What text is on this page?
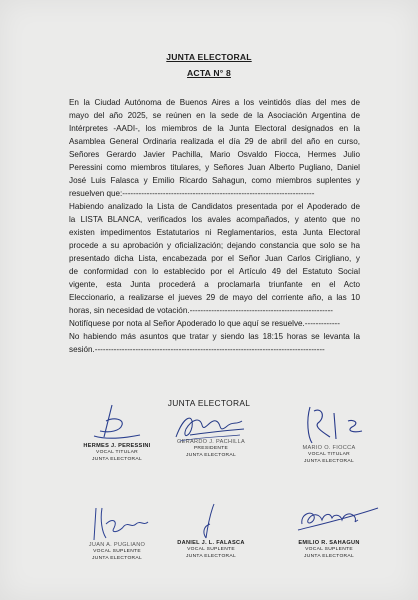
JUNTA ELECTORAL
ACTA N° 8
En la Ciudad Autónoma de Buenos Aires a los veintidós días del mes de
mayo del año 2025, se reúnen en la sede de la Asociación Argentina de
Intérpretes -AADI-, los miembros de la Junta Electoral designados en la
Asamblea General Ordinaria realizada el día 29 de abril del año en curso,
Señores Gerardo Javier Pachilla, Mario Osvaldo Fiocca, Hermes Julio
Peressini como miembros titulares, y Señores Juan Alberto Pugliano, Daniel
José Luis Falasca y Emilio Ricardo Sahagun, como miembros suplentes y
resuelven que:-----------------------------------------------------------------------
Habiendo analizado la Lista de Candidatos presentada por el Apoderado de
la LISTA BLANCA, verificados los avales acompañados, y atento que no
existen impedimentos Estatutarios ni Reglamentarios, esta Junta Electoral
procede a su aprobación y oficialización; dejando constancia que solo se ha
presentado dicha Lista, encabezada por el Señor Juan Carlos Cirigliano, y
de conformidad con lo establecido por el Artículo 49 del Estatuto Social
vigente, esta Junta procederá a proclamarla triunfante en el Acto
Eleccionario, a realizarse el jueves 29 de mayo del corriente año, a las 10
horas, sin necesidad de votación.-----------------------------------------------------
Notifíquese por nota al Señor Apoderado lo que aquí se resuelve.-------------
No habiendo más asuntos que tratar y siendo las 18:15 horas se levanta la
sesión.-------------------------------------------------------------------------------------
JUNTA ELECTORAL
HERMES J. PERESSINI
VOCAL TITULAR
JUNTA ELECTORAL
GERARDO J. PACHILLA
PRESIDENTE
JUNTA ELECTORAL
MARIO O. FIOCCA
VOCAL TITULAR
JUNTA ELECTORAL
JUAN A. PUGLIANO
VOCAL SUPLENTE
JUNTA ELECTORAL
DANIEL J. L. FALASCA
VOCAL SUPLENTE
JUNTA ELECTORAL
EMILIO R. SAHAGUN
VOCAL SUPLENTE
JUNTA ELECTORAL
